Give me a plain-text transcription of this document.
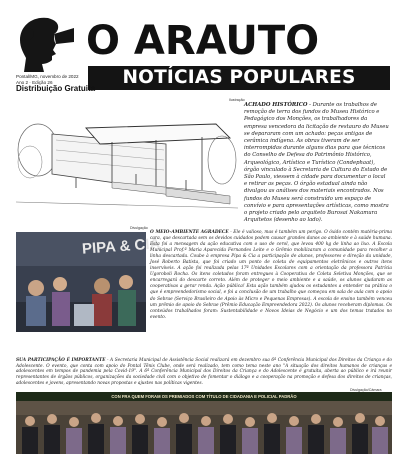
O ARAUTO
NOTÍCIAS POPULARES
Pontal/MG, novembro de 2022
Ano 2 · Edição 26
Distribuição Gratuita
Ilustração
ACHADO HISTÓRICO - Durante os trabalhos de remoção de terra dos fundos do Museu Histórico e Pedagógico dos Monções, os trabalhadores da empresa vencedora da licitação de restauro do Museu se depararam com um achado: peças antigas de cerâmica indígena. As obras tiveram de ser interrompidas durante alguns dias para que técnicos do Conselho de Defesa do Patrimônio Histórico, Arqueológico, Artístico e Turístico (Condephaat), órgão vinculado à Secretaria de Cultura do Estado de São Paulo, viessem à cidade para documentar o local e retirar as peças. O órgão estadual ainda não divulgou as análises dos materiais encontrados. Nos fundos do Museu será construído um espaço de convívio e para apresentações artísticas, como mostra o projeto criado pelo arquiteto Burosai Nakamura Arquitetos (desenho ao lado).
Divulgação
PIPA & CIA
O MEIO-AMBIENTE AGRADECE - Ele é valioso, mas é também um perigo. O óxido contém matéria-prima cara, que descartada sem os devidos cuidados podem causar grandes danos ao ambiente e à saúde humana. Esta foi a mensagem da ação educativa com o uso de cerol, que levou 400 kg de linha ao lixo. A Escola Municipal Prof.ª Maria Aparecida Fernandes Leite e o Grêmio mobilizaram a comunidade para recolher a linha descartada. Coube à empresa Pipa & Cia a participação de alunos, professores e direção da unidade, José Roberto Batista, que foi criado um ponto de coleta de equipamentos eletrônicos e outros itens inservíveis. A ação foi realizada pelas 17ª Unidades Escolares com a orientação da professora Patrícia Ugoroboli Rocha. Os itens coletados foram entregues à Cooperativa de Coleta Seletiva Monções, que se encarregará do descarte correto. Além de proteger o meio ambiente e a saúde, os alunos ajudaram as cooperativas a gerar renda. Ação pública! Esta ação também ajudou os estudantes a entender na prática o que é empreendedorismo social, e foi a conclusão de um trabalho que começou em sala de aula com o apoio do Sebrae (Serviço Brasileiro de Apoio às Micro e Pequenas Empresas). A escola de ensino também venceu um prêmio de apoio do Sebrae (Prêmio Educação Empreendedora 2022). Os alunos receberam diplomas. Os conteúdos trabalhados foram: Sustentabilidade e Novos Ideias de Negócio e um dos temas tratados no evento.
SUA PARTICIPAÇÃO É IMPORTANTE - A Secretaria Municipal de Assistência Social realizará em dezembro sua 6ª Conferência Municipal dos Direitos da Criança e do Adolescente. O evento, que conta com apoio do Pontal Tênis Clube, onde será realizado, tem como tema neste ano "A situação dos direitos humanos de crianças e adolescentes em tempos de pandemia pela Covid-19". A 6ª Conferência Municipal dos Direitos da Criança e do Adolescente é gratuita, aberta ao público e irá reunir representantes de órgãos públicos, organizações da sociedade civil com o objetivo de fomentar o diálogo e a cooperação na promoção e defesa dos direitos de crianças, adolescentes e jovens, apresentando novas propostas e ajustes nas políticas vigentes.
Divulgação/Câmara
CON FRA QUEM FORAM OS PREMIADOS COM TÍTULO DE CIDADANIA E POLICIAL PADRÃO
